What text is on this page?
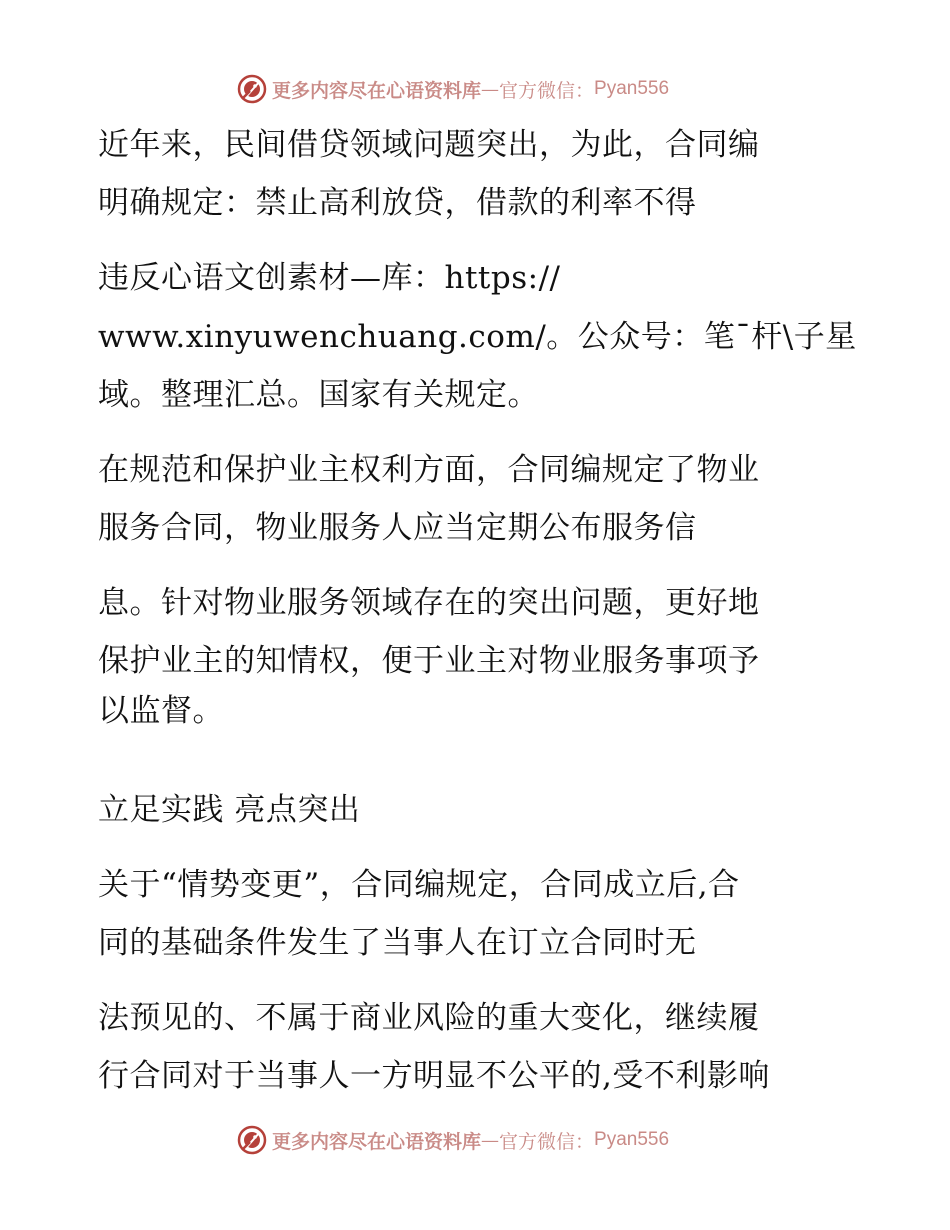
更多内容尽在心语资料库 — 官方微信： Pyan556
近年来，民间借贷领域问题突出，为此，合同编
明确规定：禁止高利放贷，借款的利率不得
违反心语文创素材—库：https://
www.xinyuwenchuang.com/。公众号：笔¯杆\子星
域。整理汇总。国家有关规定。
在规范和保护业主权利方面，合同编规定了物业
服务合同，物业服务人应当定期公布服务信
息。针对物业服务领域存在的突出问题，更好地
保护业主的知情权，便于业主对物业服务事项予
以监督。
立足实践 亮点突出
关于“情势变更”，合同编规定，合同成立后,合
同的基础条件发生了当事人在订立合同时无
法预见的、不属于商业风险的重大变化，继续履
行合同对于当事人一方明显不公平的,受不利影响
更多内容尽在心语资料库 — 官方微信： Pyan556
